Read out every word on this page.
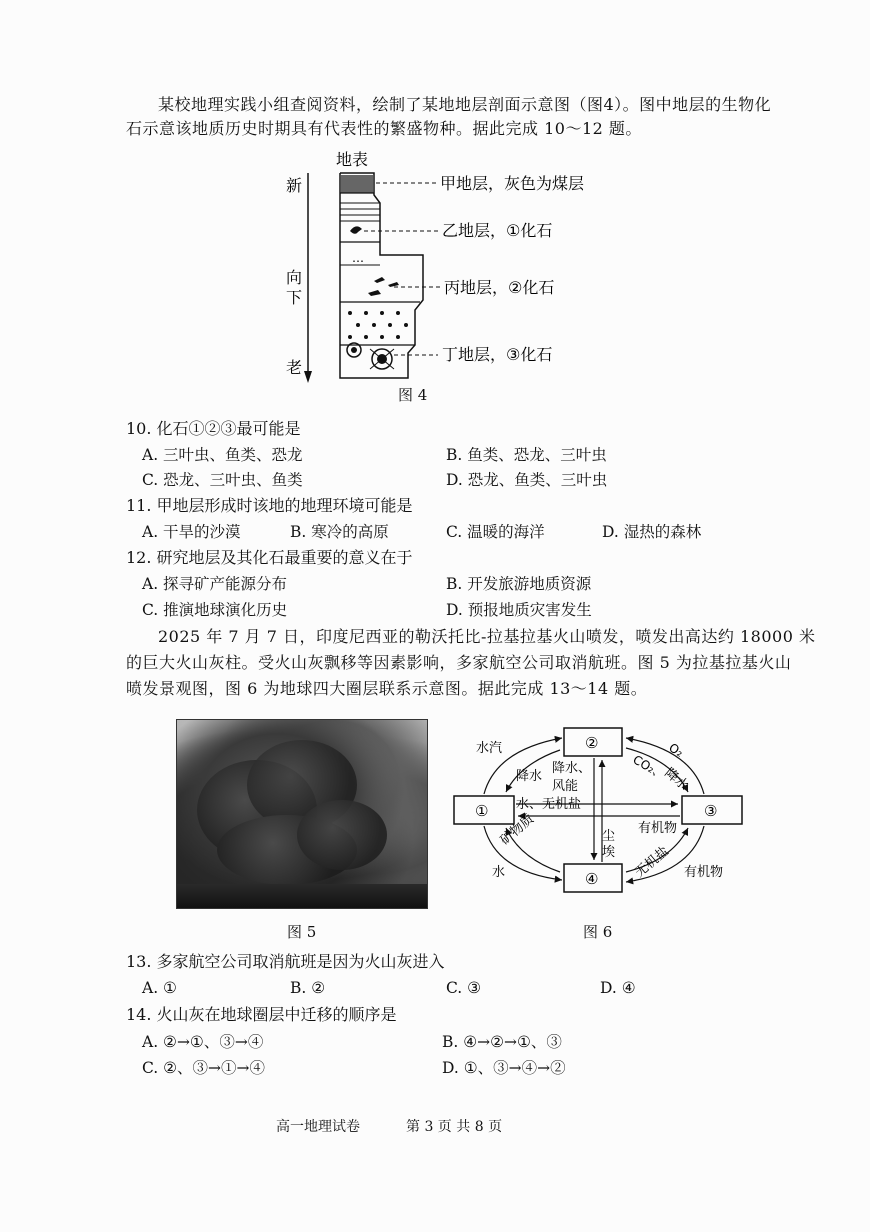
某校地理实践小组查阅资料，绘制了某地地层剖面示意图（图4）。图中地层的生物化
石示意该地质历史时期具有代表性的繁盛物种。据此完成 10～12 题。
地表
新
向
下
老
…
甲地层，灰色为煤层
乙地层，①化石
丙地层，②化石
丁地层，③化石
图 4
10. 化石①②③最可能是
A. 三叶虫、鱼类、恐龙	B. 鱼类、恐龙、三叶虫
C. 恐龙、三叶虫、鱼类	D. 恐龙、鱼类、三叶虫
11. 甲地层形成时该地的地理环境可能是
A. 干旱的沙漠	B. 寒冷的高原	C. 温暖的海洋	D. 湿热的森林
12. 研究地层及其化石最重要的意义在于
A. 探寻矿产能源分布	B. 开发旅游地质资源
C. 推演地球演化历史	D. 预报地质灾害发生
2025 年 7 月 7 日，印度尼西亚的勒沃托比-拉基拉基火山喷发，喷发出高达约 18000 米
的巨大火山灰柱。受火山灰飘移等因素影响，多家航空公司取消航班。图 5 为拉基拉基火山
喷发景观图，图 6 为地球四大圈层联系示意图。据此完成 13～14 题。
图 5
②
①	③
④
水汽
降水
降水、
风能
水、无机盐
O₂
CO₂、
降水
有机物
尘
埃
矿物质
水	无机盐 有机物
图 6
13. 多家航空公司取消航班是因为火山灰进入
A. ①	B. ②	C. ③	D. ④
14. 火山灰在地球圈层中迁移的顺序是
A. ②→①、③→④	B. ④→②→①、③
C. ②、③→①→④	D. ①、③→④→②
高一地理试卷	第 3 页 共 8 页
